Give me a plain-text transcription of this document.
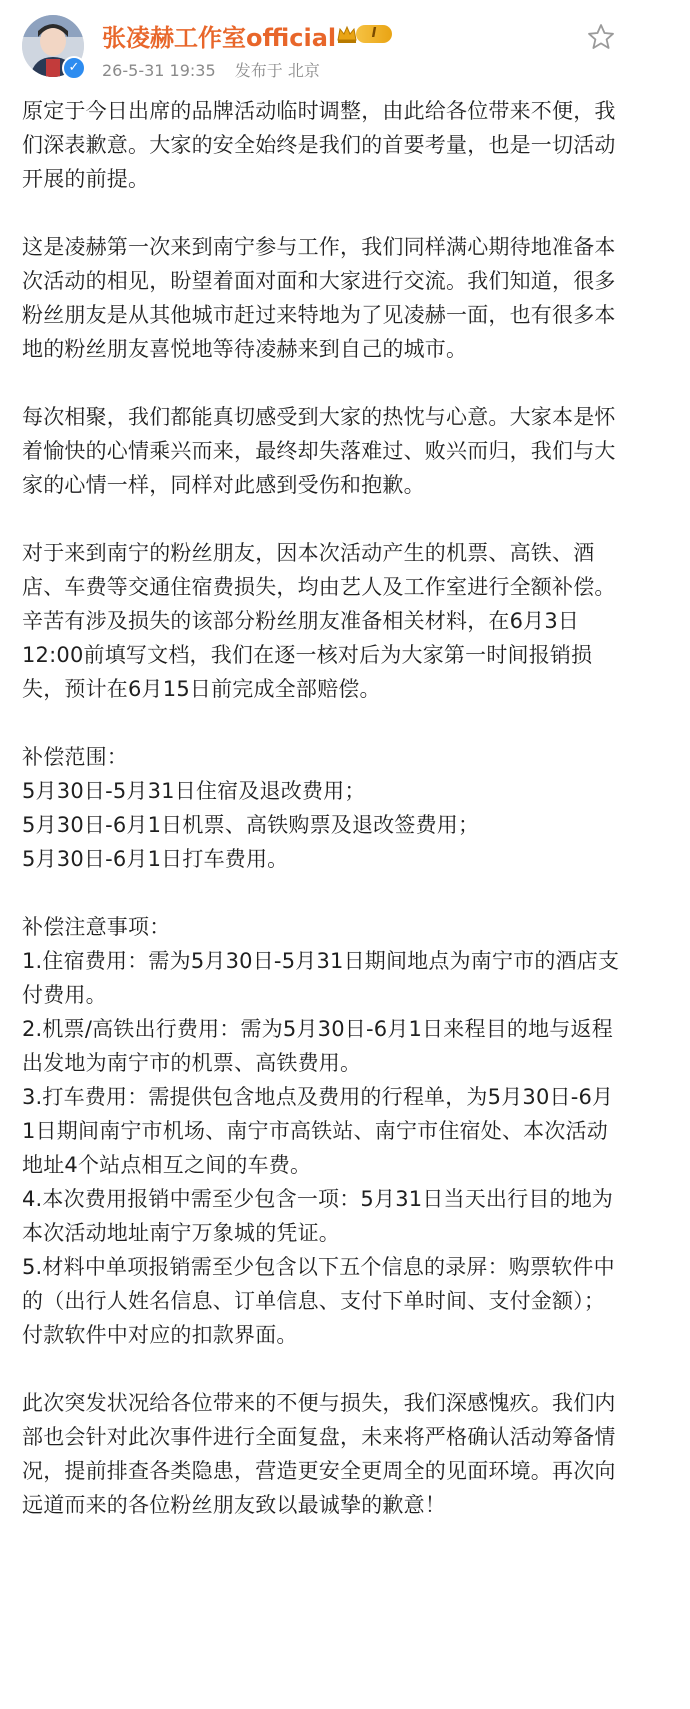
✓
张凌赫工作室official	I
26-5-31 19:35 发布于 北京

原定于今日出席的品牌活动临时调整，由此给各位带来不便，我们深表歉意。大家的安全始终是我们的首要考量，也是一切活动开展的前提。

这是凌赫第一次来到南宁参与工作，我们同样满心期待地准备本次活动的相见，盼望着面对面和大家进行交流。我们知道，很多粉丝朋友是从其他城市赶过来特地为了见凌赫一面，也有很多本地的粉丝朋友喜悦地等待凌赫来到自己的城市。

每次相聚，我们都能真切感受到大家的热忱与心意。大家本是怀着愉快的心情乘兴而来，最终却失落难过、败兴而归，我们与大家的心情一样，同样对此感到受伤和抱歉。

对于来到南宁的粉丝朋友，因本次活动产生的机票、高铁、酒店、车费等交通住宿费损失，均由艺人及工作室进行全额补偿。辛苦有涉及损失的该部分粉丝朋友准备相关材料，在6月3日12:00前填写文档，我们在逐一核对后为大家第一时间报销损失，预计在6月15日前完成全部赔偿。

补偿范围：
5月30日-5月31日住宿及退改费用；
5月30日-6月1日机票、高铁购票及退改签费用；
5月30日-6月1日打车费用。

补偿注意事项：
1.住宿费用：需为5月30日-5月31日期间地点为南宁市的酒店支付费用。
2.机票/高铁出行费用：需为5月30日-6月1日来程目的地与返程出发地为南宁市的机票、高铁费用。
3.打车费用：需提供包含地点及费用的行程单，为5月30日-6月1日期间南宁市机场、南宁市高铁站、南宁市住宿处、本次活动地址4个站点相互之间的车费。
4.本次费用报销中需至少包含一项：5月31日当天出行目的地为本次活动地址南宁万象城的凭证。
5.材料中单项报销需至少包含以下五个信息的录屏：购票软件中的（出行人姓名信息、订单信息、支付下单时间、支付金额）；付款软件中对应的扣款界面。

此次突发状况给各位带来的不便与损失，我们深感愧疚。我们内部也会针对此次事件进行全面复盘，未来将严格确认活动筹备情况，提前排查各类隐患，营造更安全更周全的见面环境。再次向远道而来的各位粉丝朋友致以最诚挚的歉意！
